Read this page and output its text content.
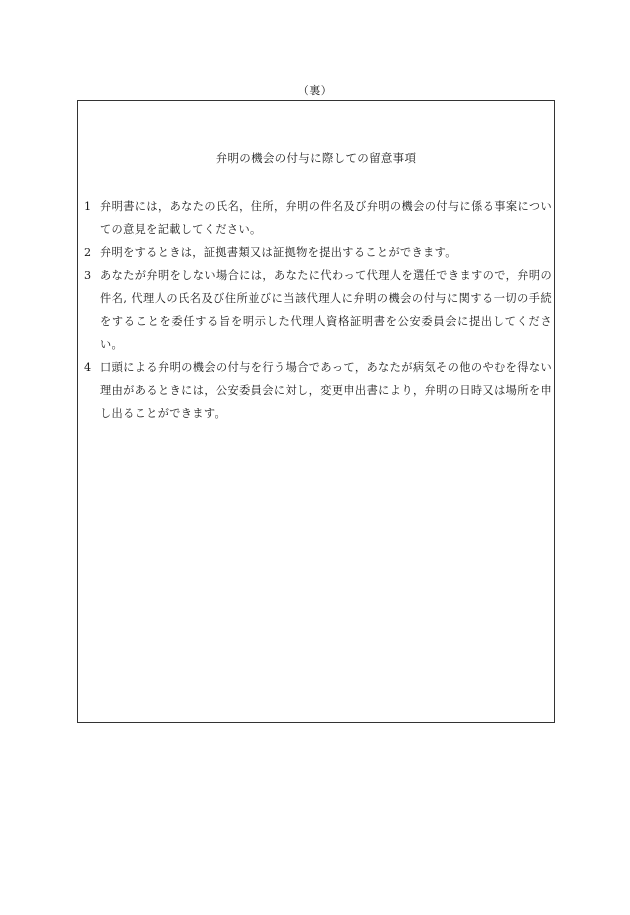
（裏）
弁明の機会の付与に際しての留意事項
1 弁明書には，あなたの氏名，住所，弁明の件名及び弁明の機会の付与に係る事案についての意見を記載してください。
2 弁明をするときは，証拠書類又は証拠物を提出することができます。
3 あなたが弁明をしない場合には，あなたに代わって代理人を選任できますので，弁明の件名, 代理人の氏名及び住所並びに当該代理人に弁明の機会の付与に関する一切の手続をすることを委任する旨を明示した代理人資格証明書を公安委員会に提出してください。
4 口頭による弁明の機会の付与を行う場合であって，あなたが病気その他のやむを得ない理由があるときには，公安委員会に対し，変更申出書により，弁明の日時又は場所を申し出ることができます。
